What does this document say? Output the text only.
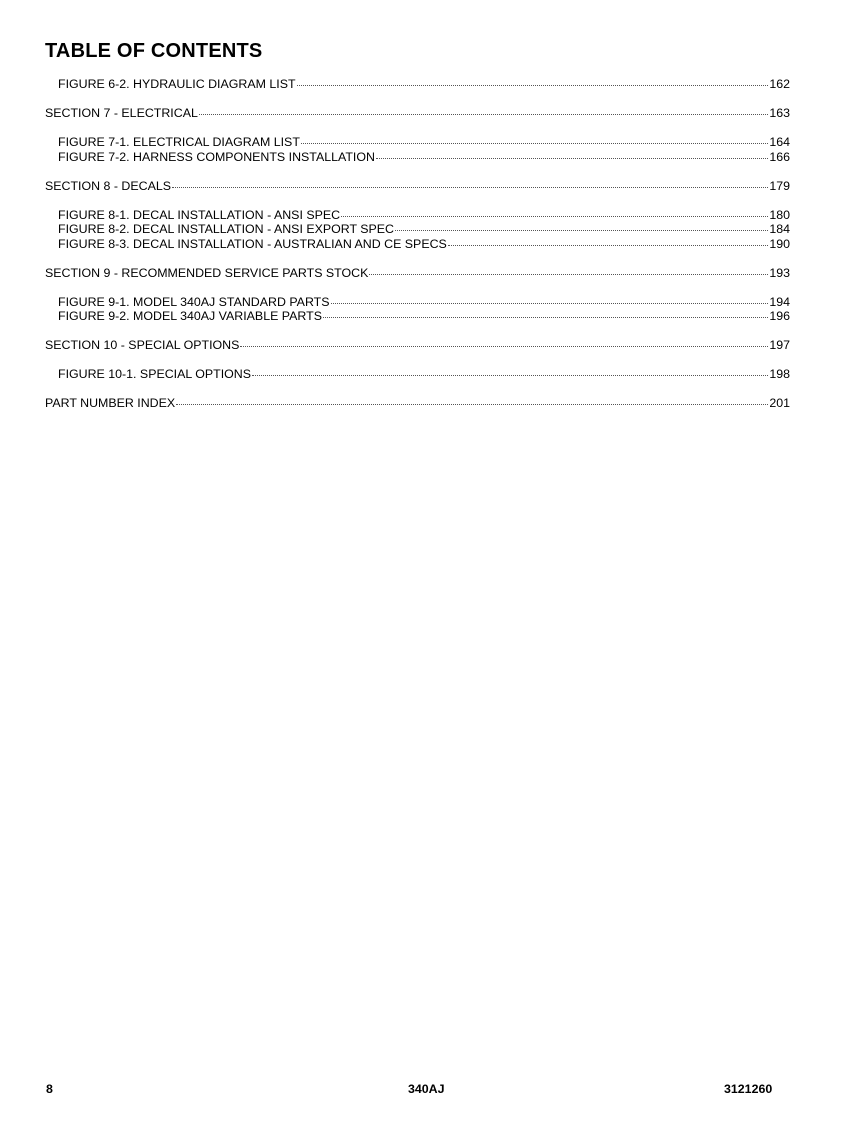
TABLE OF CONTENTS
FIGURE 6-2. HYDRAULIC DIAGRAM LIST	162
SECTION 7 - ELECTRICAL	163
FIGURE 7-1. ELECTRICAL DIAGRAM LIST	164
FIGURE 7-2. HARNESS COMPONENTS INSTALLATION	166
SECTION 8 - DECALS	179
FIGURE 8-1. DECAL INSTALLATION - ANSI SPEC	180
FIGURE 8-2. DECAL INSTALLATION - ANSI EXPORT SPEC	184
FIGURE 8-3. DECAL INSTALLATION - AUSTRALIAN AND CE SPECS	190
SECTION 9 - RECOMMENDED SERVICE PARTS STOCK	193
FIGURE 9-1. MODEL 340AJ STANDARD PARTS	194
FIGURE 9-2. MODEL 340AJ VARIABLE PARTS	196
SECTION 10 - SPECIAL OPTIONS	197
FIGURE 10-1. SPECIAL OPTIONS	198
PART NUMBER INDEX	201
8	340AJ	3121260
